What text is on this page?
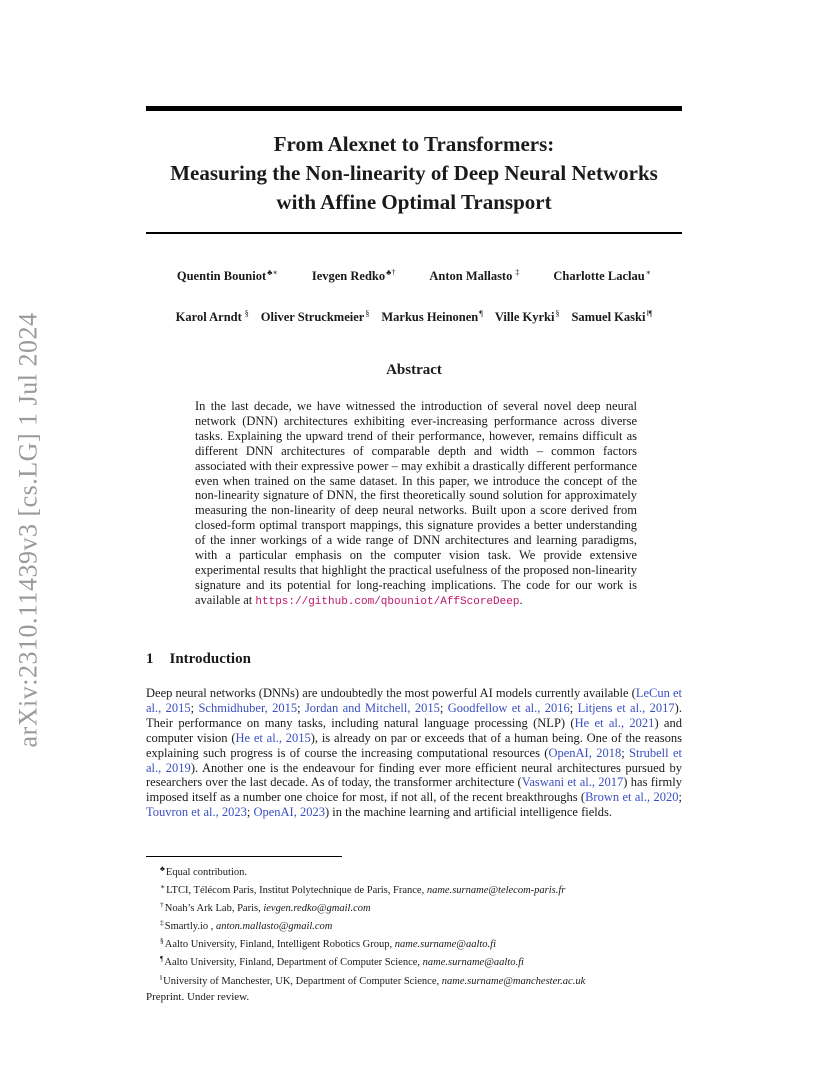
arXiv:2310.11439v3 [cs.LG] 1 Jul 2024
From Alexnet to Transformers:
Measuring the Non-linearity of Deep Neural Networks
with Affine Optimal Transport
Quentin Bouniot♣∗	Ievgen Redko♣†	Anton Mallasto ‡	Charlotte Laclau∗
Karol Arndt § Oliver Struckmeier§ Markus Heinonen¶ Ville Kyrki§ Samuel Kaski‖¶
Abstract
In the last decade, we have witnessed the introduction of several novel deep neural network (DNN) architectures exhibiting ever-increasing performance across diverse tasks. Explaining the upward trend of their performance, however, remains difficult as different DNN architectures of comparable depth and width – common factors associated with their expressive power – may exhibit a drastically different performance even when trained on the same dataset. In this paper, we introduce the concept of the non-linearity signature of DNN, the first theoretically sound solution for approximately measuring the non-linearity of deep neural networks. Built upon a score derived from closed-form optimal transport mappings, this signature provides a better understanding of the inner workings of a wide range of DNN architectures and learning paradigms, with a particular emphasis on the computer vision task. We provide extensive experimental results that highlight the practical usefulness of the proposed non-linearity signature and its potential for long-reaching implications. The code for our work is available at https://github.com/qbouniot/AffScoreDeep.
1 Introduction
Deep neural networks (DNNs) are undoubtedly the most powerful AI models currently available (LeCun et al., 2015; Schmidhuber, 2015; Jordan and Mitchell, 2015; Goodfellow et al., 2016; Litjens et al., 2017). Their performance on many tasks, including natural language processing (NLP) (He et al., 2021) and computer vision (He et al., 2015), is already on par or exceeds that of a human being. One of the reasons explaining such progress is of course the increasing computational resources (OpenAI, 2018; Strubell et al., 2019). Another one is the endeavour for finding ever more efficient neural architectures pursued by researchers over the last decade. As of today, the transformer architecture (Vaswani et al., 2017) has firmly imposed itself as a number one choice for most, if not all, of the recent breakthroughs (Brown et al., 2020; Touvron et al., 2023; OpenAI, 2023) in the machine learning and artificial intelligence fields.
♣Equal contribution.
∗LTCI, Télécom Paris, Institut Polytechnique de Paris, France, name.surname@telecom-paris.fr
†Noah’s Ark Lab, Paris, ievgen.redko@gmail.com
‡Smartly.io , anton.mallasto@gmail.com
§Aalto University, Finland, Intelligent Robotics Group, name.surname@aalto.fi
¶Aalto University, Finland, Department of Computer Science, name.surname@aalto.fi
‖University of Manchester, UK, Department of Computer Science, name.surname@manchester.ac.uk
Preprint. Under review.
